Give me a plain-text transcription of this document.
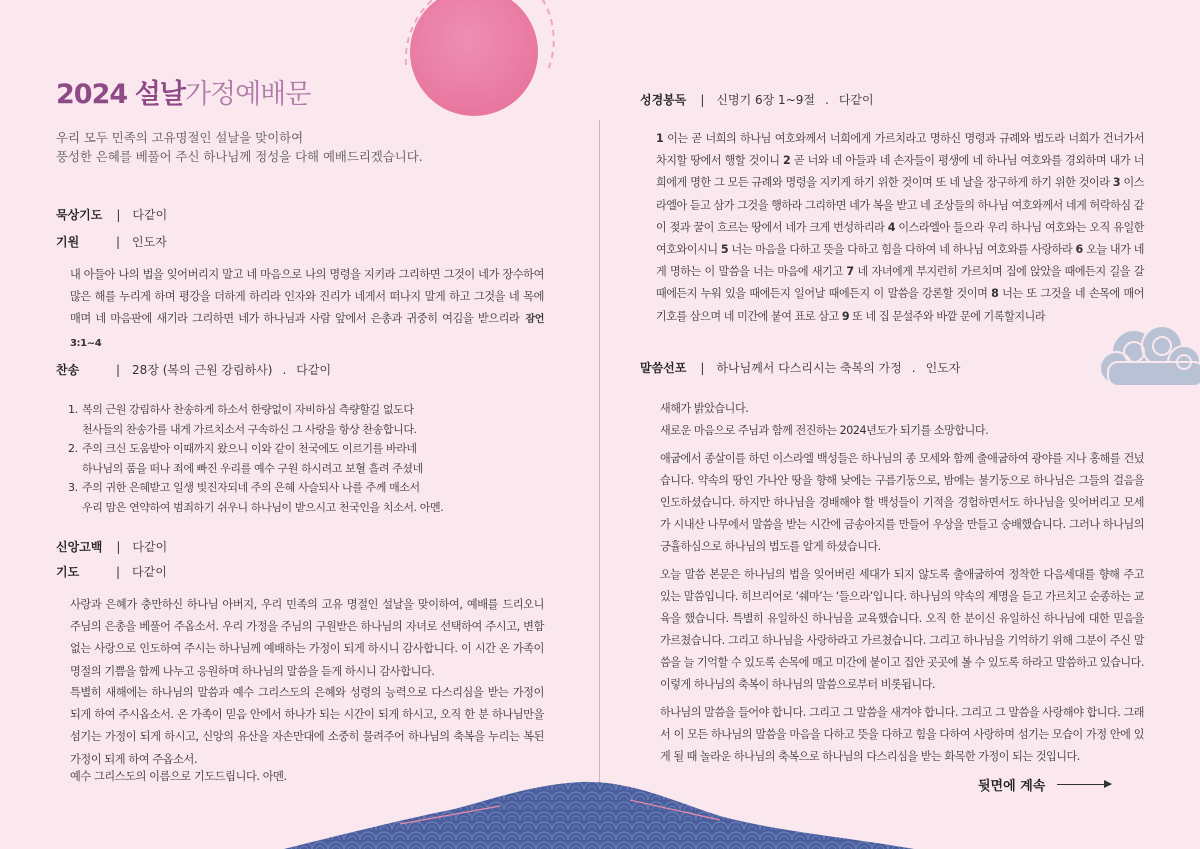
2024 설날가정예배문
우리 모두 민족의 고유명절인 설날을 맞이하여
풍성한 은혜를 베풀어 주신 하나님께 정성을 다해 예배드리겠습니다.
묵상기도 | 다같이
기원	| 인도자
내 아들아 나의 법을 잊어버리지 말고 네 마음으로 나의 명령을 지키라 그리하면 그것이 네가 장수하여 많은 해를 누리게 하며 평강을 더하게 하리라 인자와 진리가 네게서 떠나지 말게 하고 그것을 네 목에 매며 네 마음판에 새기라 그리하면 네가 하나님과 사람 앞에서 은총과 귀중히 여김을 받으리라 잠언 3:1~4
찬송	| 28장 (복의 근원 강림하사) . 다같이
1. 복의 근원 강림하사 찬송하게 하소서 한량없이 자비하심 측량할길 없도다
천사들의 찬송가를 내게 가르치소서 구속하신 그 사랑을 항상 찬송합니다.
2. 주의 크신 도움받아 이때까지 왔으니 이와 같이 천국에도 이르기를 바라네
하나님의 품을 떠나 죄에 빠진 우리를 예수 구원 하시려고 보혈 흘려 주셨네
3. 주의 귀한 은혜받고 일생 빚진자되네 주의 은혜 사슬되사 나를 주께 매소서
우리 맘은 연약하여 범죄하기 쉬우니 하나님이 받으시고 천국인을 치소서. 아멘.
신앙고백 | 다같이
기도	| 다같이
사랑과 은혜가 충만하신 하나님 아버지, 우리 민족의 고유 명절인 설날을 맞이하여, 예배를 드리오니 주님의 은총을 베풀어 주옵소서. 우리 가정을 주님의 구원받은 하나님의 자녀로 선택하여 주시고, 변함없는 사랑으로 인도하여 주시는 하나님께 예배하는 가정이 되게 하시니 감사합니다. 이 시간 온 가족이 명절의 기쁨을 함께 나누고 응원하며 하나님의 말씀을 듣게 하시니 감사합니다.
특별히 새해에는 하나님의 말씀과 예수 그리스도의 은혜와 성령의 능력으로 다스리심을 받는 가정이 되게 하여 주시옵소서. 온 가족이 믿음 안에서 하나가 되는 시간이 되게 하시고, 오직 한 분 하나님만을 섬기는 가정이 되게 하시고, 신앙의 유산을 자손만대에 소중히 물려주어 하나님의 축복을 누리는 복된 가정이 되게 하여 주옵소서.
예수 그리스도의 이름으로 기도드립니다. 아멘.
성경봉독 | 신명기 6장 1~9절 . 다같이
1 이는 곧 너희의 하나님 여호와께서 너희에게 가르치라고 명하신 명령과 규례와 법도라 너희가 건너가서 차지할 땅에서 행할 것이니 2 곧 너와 네 아들과 네 손자들이 평생에 네 하나님 여호와를 경외하며 내가 너희에게 명한 그 모든 규례와 명령을 지키게 하기 위한 것이며 또 네 날을 장구하게 하기 위한 것이라 3 이스라엘아 듣고 삼가 그것을 행하라 그리하면 네가 복을 받고 네 조상들의 하나님 여호와께서 네게 허락하심 같이 젖과 꿀이 흐르는 땅에서 네가 크게 번성하리라 4 이스라엘아 들으라 우리 하나님 여호와는 오직 유일한 여호와이시니 5 너는 마음을 다하고 뜻을 다하고 힘을 다하여 네 하나님 여호와를 사랑하라 6 오늘 내가 네게 명하는 이 말씀을 너는 마음에 새기고 7 네 자녀에게 부지런히 가르치며 집에 앉았을 때에든지 길을 갈 때에든지 누워 있을 때에든지 일어날 때에든지 이 말씀을 강론할 것이며 8 너는 또 그것을 네 손목에 매어 기호를 삼으며 네 미간에 붙여 표로 삼고 9 또 네 집 문설주와 바깥 문에 기록할지니라
말씀선포 | 하나님께서 다스리시는 축복의 가정 . 인도자

새해가 밝았습니다.
새로운 마음으로 주님과 함께 전진하는 2024년도가 되기를 소망합니다.

애굽에서 종살이를 하던 이스라엘 백성들은 하나님의 종 모세와 함께 출애굽하여 광야를 지나 홍해를 건넜습니다. 약속의 땅인 가나안 땅을 향해 낮에는 구름기둥으로, 밤에는 불기둥으로 하나님은 그들의 걸음을 인도하셨습니다. 하지만 하나님을 경배해야 할 백성들이 기적을 경험하면서도 하나님을 잊어버리고 모세가 시내산 나무에서 말씀을 받는 시간에 금송아지를 만들어 우상을 만들고 숭배했습니다. 그러나 하나님의 긍휼하심으로 하나님의 법도를 알게 하셨습니다.

오늘 말씀 본문은 하나님의 법을 잊어버린 세대가 되지 않도록 출애굽하여 정착한 다음세대를 향해 주고 있는 말씀입니다. 히브리어로 ‘쉐마’는 ‘들으라’입니다. 하나님의 약속의 계명을 듣고 가르치고 순종하는 교육을 했습니다. 특별히 유일하신 하나님을 교육했습니다. 오직 한 분이신 유일하신 하나님에 대한 믿음을 가르쳤습니다. 그리고 하나님을 사랑하라고 가르쳤습니다. 그리고 하나님을 기억하기 위해 그분이 주신 말씀을 늘 기억할 수 있도록 손목에 매고 미간에 붙이고 집안 곳곳에 볼 수 있도록 하라고 말씀하고 있습니다. 이렇게 하나님의 축복이 하나님의 말씀으로부터 비롯됩니다.

하나님의 말씀을 들어야 합니다. 그리고 그 말씀을 새겨야 합니다. 그리고 그 말씀을 사랑해야 합니다. 그래서 이 모든 하나님의 말씀을 마음을 다하고 뜻을 다하고 힘을 다하여 사랑하며 섬기는 모습이 가정 안에 있게 될 때 놀라운 하나님의 축복으로 하나님의 다스리심을 받는 화목한 가정이 되는 것입니다.

뒷면에 계속
